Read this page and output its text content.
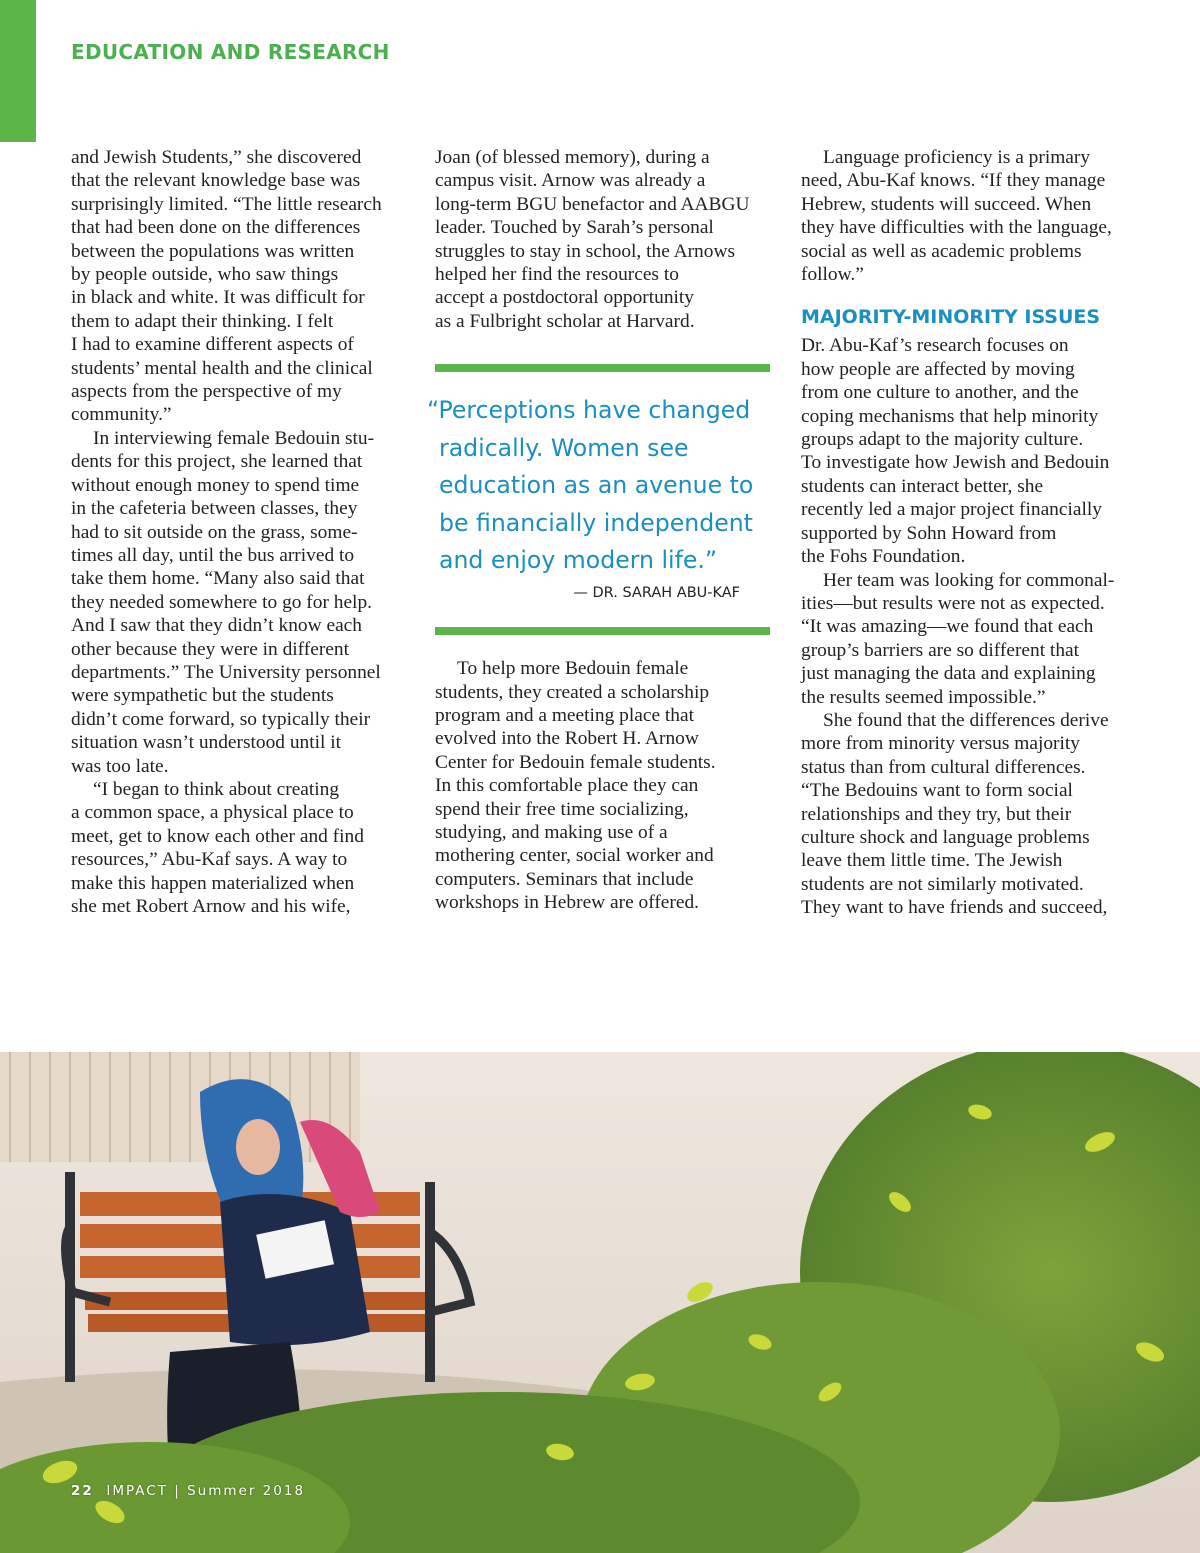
EDUCATION AND RESEARCH

and Jewish Students,” she discovered
that the relevant knowledge base was
surprisingly limited. “The little research
that had been done on the differences
between the populations was written
by people outside, who saw things
in black and white. It was difficult for
them to adapt their thinking. I felt
I had to examine different aspects of
students’ mental health and the clinical
aspects from the perspective of my
community.”

In interviewing female Bedouin stu-
dents for this project, she learned that
without enough money to spend time
in the cafeteria between classes, they
had to sit outside on the grass, some-
times all day, until the bus arrived to
take them home. “Many also said that
they needed somewhere to go for help.
And I saw that they didn’t know each
other because they were in different
departments.” The University personnel
were sympathetic but the students
didn’t come forward, so typically their
situation wasn’t understood until it
was too late.

“I began to think about creating
a common space, a physical place to
meet, get to know each other and find
resources,” Abu-Kaf says. A way to
make this happen materialized when
she met Robert Arnow and his wife,

Joan (of blessed memory), during a
campus visit. Arnow was already a
long-term BGU benefactor and AABGU
leader. Touched by Sarah’s personal
struggles to stay in school, the Arnows
helped her find the resources to
accept a postdoctoral opportunity
as a Fulbright scholar at Harvard.

“Perceptions have changed
radically. Women see
education as an avenue to
be financially independent
and enjoy modern life.”
— DR. SARAH ABU-KAF

To help more Bedouin female
students, they created a scholarship
program and a meeting place that
evolved into the Robert H. Arnow
Center for Bedouin female students.
In this comfortable place they can
spend their free time socializing,
studying, and making use of a
mothering center, social worker and
computers. Seminars that include
workshops in Hebrew are offered.

Language proficiency is a primary
need, Abu-Kaf knows. “If they manage
Hebrew, students will succeed. When
they have difficulties with the language,
social as well as academic problems
follow.”

MAJORITY-MINORITY ISSUES

Dr. Abu-Kaf’s research focuses on
how people are affected by moving
from one culture to another, and the
coping mechanisms that help minority
groups adapt to the majority culture.
To investigate how Jewish and Bedouin
students can interact better, she
recently led a major project financially
supported by Sohn Howard from
the Fohs Foundation.

Her team was looking for commonal-
ities—but results were not as expected.
“It was amazing—we found that each
group’s barriers are so different that
just managing the data and explaining
the results seemed impossible.”

She found that the differences derive
more from minority versus majority
status than from cultural differences.
“The Bedouins want to form social
relationships and they try, but their
culture shock and language problems
leave them little time. The Jewish
students are not similarly motivated.
They want to have friends and succeed,

22 IMPACT | Summer 2018
